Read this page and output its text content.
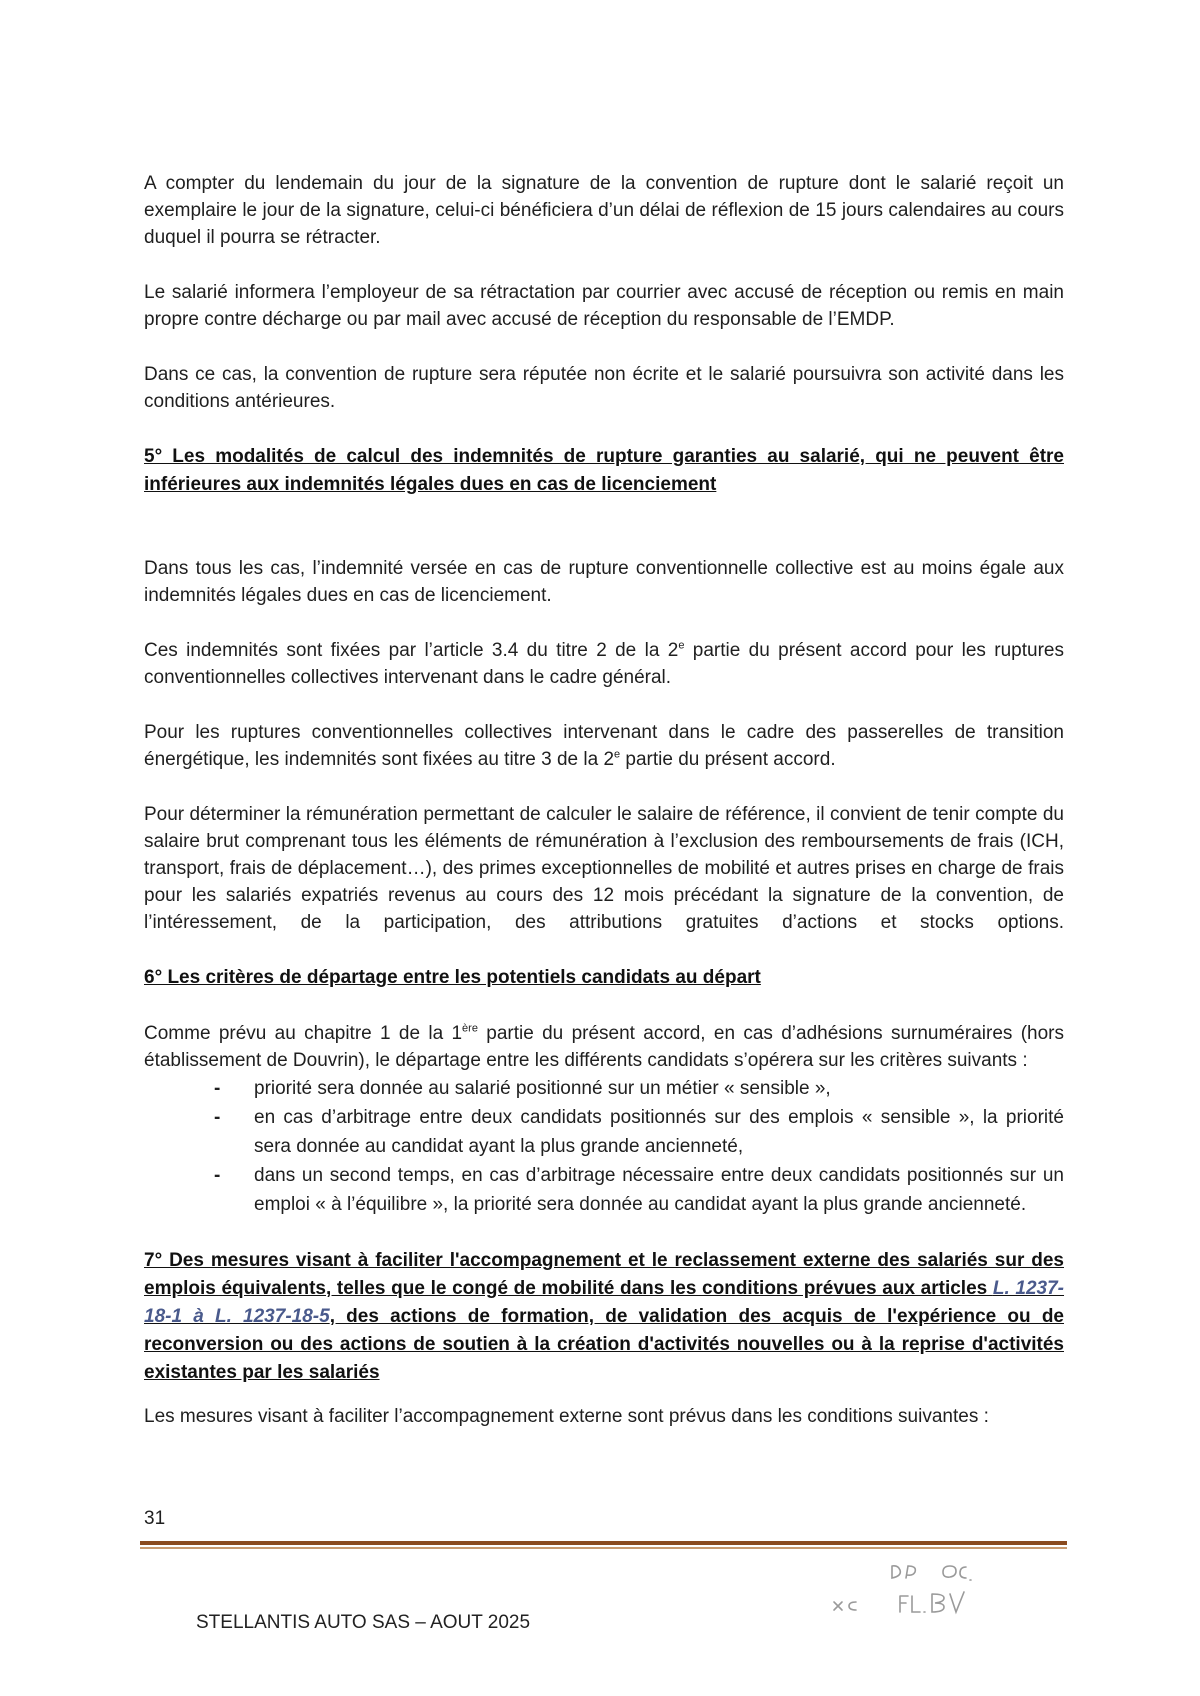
A compter du lendemain du jour de la signature de la convention de rupture dont le salarié reçoit un exemplaire le jour de la signature, celui-ci bénéficiera d’un délai de réflexion de 15 jours calendaires au cours duquel il pourra se rétracter.

Le salarié informera l’employeur de sa rétractation par courrier avec accusé de réception ou remis en main propre contre décharge ou par mail avec accusé de réception du responsable de l’EMDP.

Dans ce cas, la convention de rupture sera réputée non écrite et le salarié poursuivra son activité dans les conditions antérieures.

5° Les modalités de calcul des indemnités de rupture garanties au salarié, qui ne peuvent être inférieures aux indemnités légales dues en cas de licenciement

Dans tous les cas, l’indemnité versée en cas de rupture conventionnelle collective est au moins égale aux indemnités légales dues en cas de licenciement.

Ces indemnités sont fixées par l’article 3.4 du titre 2 de la 2e partie du présent accord pour les ruptures conventionnelles collectives intervenant dans le cadre général.

Pour les ruptures conventionnelles collectives intervenant dans le cadre des passerelles de transition énergétique, les indemnités sont fixées au titre 3 de la 2e partie du présent accord.

Pour déterminer la rémunération permettant de calculer le salaire de référence, il convient de tenir compte du salaire brut comprenant tous les éléments de rémunération à l’exclusion des remboursements de frais (ICH, transport, frais de déplacement…), des primes exceptionnelles de mobilité et autres prises en charge de frais pour les salariés expatriés revenus au cours des 12 mois précédant la signature de la convention, de l’intéressement, de la participation, des attributions gratuites d’actions et stocks options.

6° Les critères de départage entre les potentiels candidats au départ

Comme prévu au chapitre 1 de la 1ère partie du présent accord, en cas d’adhésions surnuméraires (hors établissement de Douvrin), le départage entre les différents candidats s’opérera sur les critères suivants :

- priorité sera donnée au salarié positionné sur un métier « sensible »,
- en cas d’arbitrage entre deux candidats positionnés sur des emplois « sensible », la priorité sera donnée au candidat ayant la plus grande ancienneté,
- dans un second temps, en cas d’arbitrage nécessaire entre deux candidats positionnés sur un emploi « à l’équilibre », la priorité sera donnée au candidat ayant la plus grande ancienneté.

7° Des mesures visant à faciliter l'accompagnement et le reclassement externe des salariés sur des emplois équivalents, telles que le congé de mobilité dans les conditions prévues aux articles L. 1237-18-1 à L. 1237-18-5, des actions de formation, de validation des acquis de l'expérience ou de reconversion ou des actions de soutien à la création d'activités nouvelles ou à la reprise d'activités existantes par les salariés

Les mesures visant à faciliter l’accompagnement externe sont prévus dans les conditions suivantes :

31
STELLANTIS AUTO SAS – AOUT 2025
